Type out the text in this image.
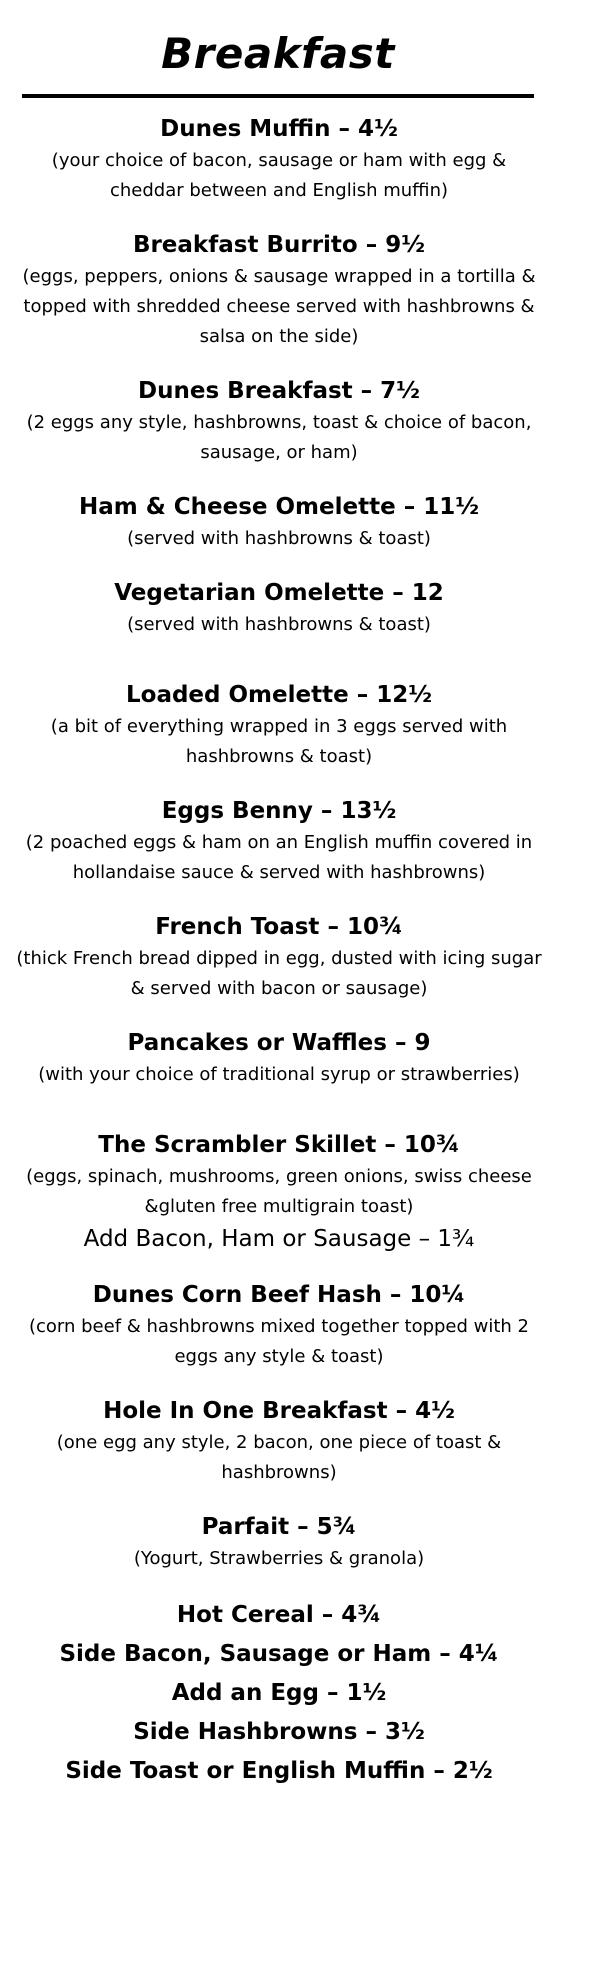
Breakfast

Dunes Muffin – 4½

(your choice of bacon, sausage or ham with egg & cheddar between and English muffin)

Breakfast Burrito – 9½

(eggs, peppers, onions & sausage wrapped in a tortilla & topped with shredded cheese served with hashbrowns & salsa on the side)

Dunes Breakfast – 7½

(2 eggs any style, hashbrowns, toast & choice of bacon, sausage, or ham)

Ham & Cheese Omelette – 11½

(served with hashbrowns & toast)

Vegetarian Omelette – 12

(served with hashbrowns & toast)

Loaded Omelette – 12½

(a bit of everything wrapped in 3 eggs served with hashbrowns & toast)

Eggs Benny – 13½

(2 poached eggs & ham on an English muffin covered in hollandaise sauce & served with hashbrowns)

French Toast – 10¾

(thick French bread dipped in egg, dusted with icing sugar & served with bacon or sausage)

Pancakes or Waffles – 9

(with your choice of traditional syrup or strawberries)

The Scrambler Skillet – 10¾

(eggs, spinach, mushrooms, green onions, swiss cheese &gluten free multigrain toast)

Add Bacon, Ham or Sausage – 1¾

Dunes Corn Beef Hash – 10¼

(corn beef & hashbrowns mixed together topped with 2 eggs any style & toast)

Hole In One Breakfast – 4½

(one egg any style, 2 bacon, one piece of toast & hashbrowns)

Parfait – 5¾

(Yogurt, Strawberries & granola)

Hot Cereal – 4¾

Side Bacon, Sausage or Ham – 4¼

Add an Egg – 1½

Side Hashbrowns – 3½

Side Toast or English Muffin – 2½
